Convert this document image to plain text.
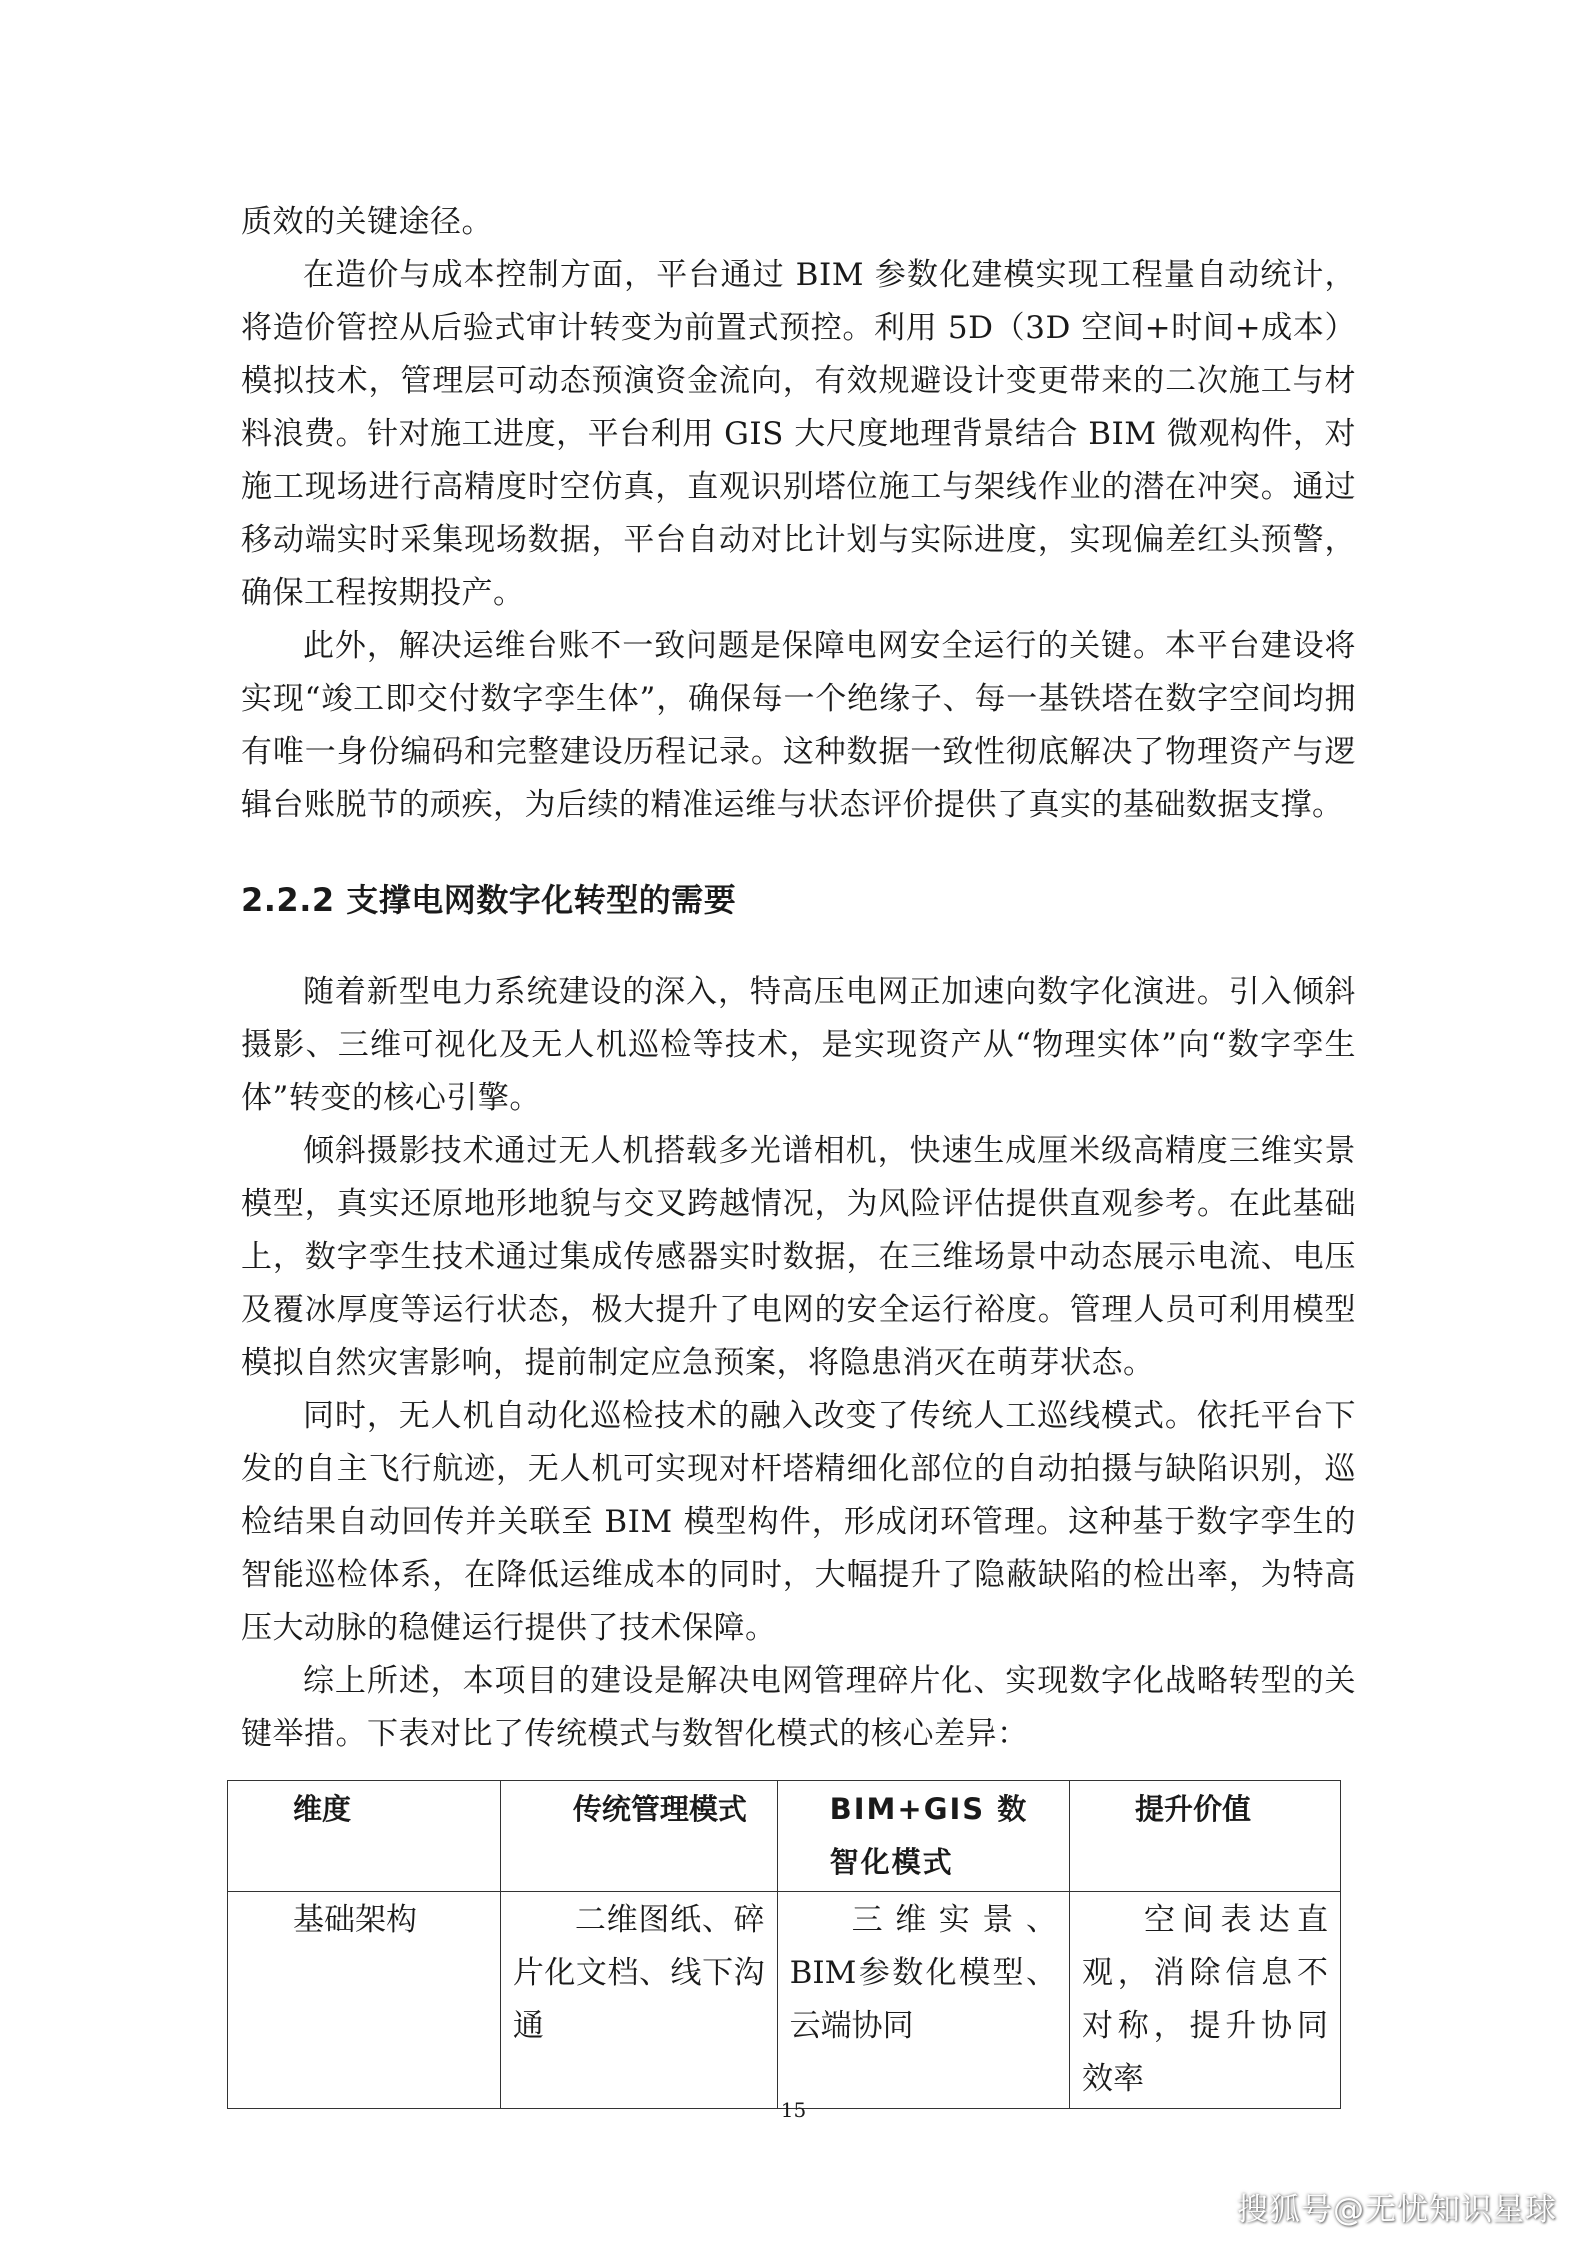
质效的关键途径。

在造价与成本控制方面，平台通过 BIM 参数化建模实现工程量自动统计，将造价管控从后验式审计转变为前置式预控。利用 5D（3D 空间+时间+成本）模拟技术，管理层可动态预演资金流向，有效规避设计变更带来的二次施工与材料浪费。针对施工进度，平台利用 GIS 大尺度地理背景结合 BIM 微观构件，对施工现场进行高精度时空仿真，直观识别塔位施工与架线作业的潜在冲突。通过移动端实时采集现场数据，平台自动对比计划与实际进度，实现偏差红头预警，确保工程按期投产。

此外，解决运维台账不一致问题是保障电网安全运行的关键。本平台建设将实现“竣工即交付数字孪生体”，确保每一个绝缘子、每一基铁塔在数字空间均拥有唯一身份编码和完整建设历程记录。这种数据一致性彻底解决了物理资产与逻辑台账脱节的顽疾，为后续的精准运维与状态评价提供了真实的基础数据支撑。

2.2.2 支撑电网数字化转型的需要

随着新型电力系统建设的深入，特高压电网正加速向数字化演进。引入倾斜摄影、三维可视化及无人机巡检等技术，是实现资产从“物理实体”向“数字孪生体”转变的核心引擎。

倾斜摄影技术通过无人机搭载多光谱相机，快速生成厘米级高精度三维实景模型，真实还原地形地貌与交叉跨越情况，为风险评估提供直观参考。在此基础上，数字孪生技术通过集成传感器实时数据，在三维场景中动态展示电流、电压及覆冰厚度等运行状态，极大提升了电网的安全运行裕度。管理人员可利用模型模拟自然灾害影响，提前制定应急预案，将隐患消灭在萌芽状态。

同时，无人机自动化巡检技术的融入改变了传统人工巡线模式。依托平台下发的自主飞行航迹，无人机可实现对杆塔精细化部位的自动拍摄与缺陷识别，巡检结果自动回传并关联至 BIM 模型构件，形成闭环管理。这种基于数字孪生的智能巡检体系，在降低运维成本的同时，大幅提升了隐蔽缺陷的检出率，为特高压大动脉的稳健运行提供了技术保障。

综上所述，本项目的建设是解决电网管理碎片化、实现数字化战略转型的关键举措。下表对比了传统模式与数智化模式的核心差异：

维度	传统管理模式	BIM+GIS 数智化模式	提升价值
基础架构	二维图纸、碎片化文档、线下沟通	三维实景、BIM参数化模型、云端协同	空间表达直观，消除信息不对称，提升协同效率
15
搜狐号@无忧知识星球
